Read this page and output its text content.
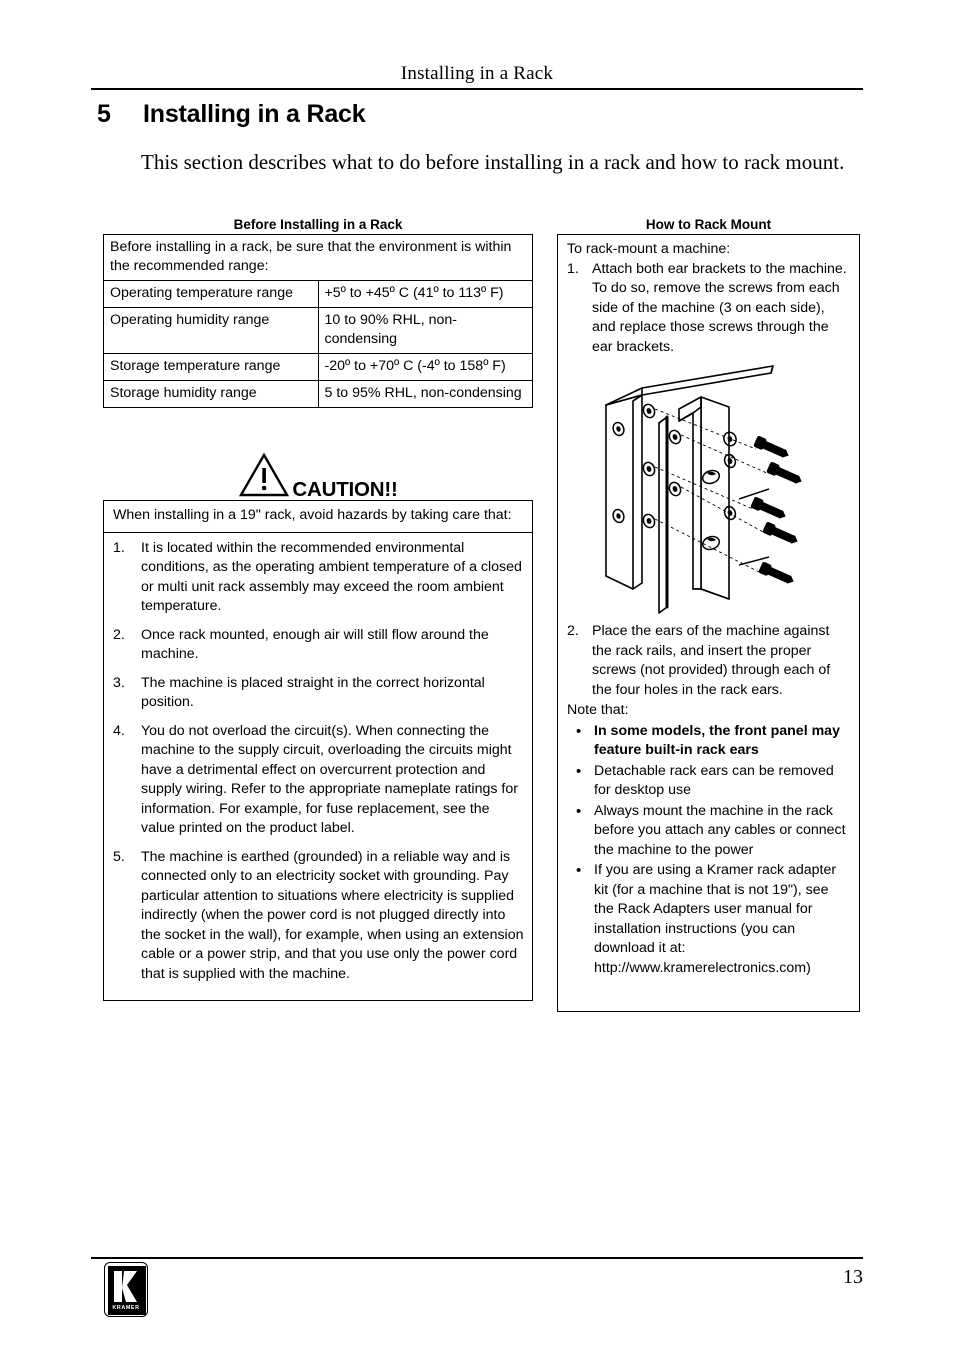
Installing in a Rack
5	Installing in a Rack
This section describes what to do before installing in a rack and how to rack mount.
Before Installing in a Rack
Before installing in a rack, be sure that the environment is within the recommended range:	
Operating temperature range	+5º to +45º C (41º to 113º F)
Operating humidity range	10 to 90% RHL, non-condensing
Storage temperature range	-20º to +70º C (-4º to 158º F)
Storage humidity range	5 to 95% RHL, non-condensing
CAUTION!!
When installing in a 19" rack, avoid hazards by taking care that:
1.	It is located within the recommended environmental conditions, as the operating ambient temperature of a closed or multi unit rack assembly may exceed the room ambient temperature.
2.	Once rack mounted, enough air will still flow around the machine.
3.	The machine is placed straight in the correct horizontal position.
4.	You do not overload the circuit(s). When connecting the machine to the supply circuit, overloading the circuits might have a detrimental effect on overcurrent protection and supply wiring. Refer to the appropriate nameplate ratings for information. For example, for fuse replacement, see the value printed on the product label.
5.	The machine is earthed (grounded) in a reliable way and is connected only to an electricity socket with grounding. Pay particular attention to situations where electricity is supplied indirectly (when the power cord is not plugged directly into the socket in the wall), for example, when using an extension cable or a power strip, and that you use only the power cord that is supplied with the machine.
How to Rack Mount
To rack-mount a machine:
1. Attach both ear brackets to the machine. To do so, remove the screws from each side of the machine (3 on each side), and replace those screws through the ear brackets.
2. Place the ears of the machine against the rack rails, and insert the proper screws (not provided) through each of the four holes in the rack ears.
Note that:
• In some models, the front panel may feature built-in rack ears
• Detachable rack ears can be removed for desktop use
• Always mount the machine in the rack before you attach any cables or connect the machine to the power
• If you are using a Kramer rack adapter kit (for a machine that is not 19"), see the Rack Adapters user manual for installation instructions (you can download it at: http://www.kramerelectronics.com)
KRAMER
13
